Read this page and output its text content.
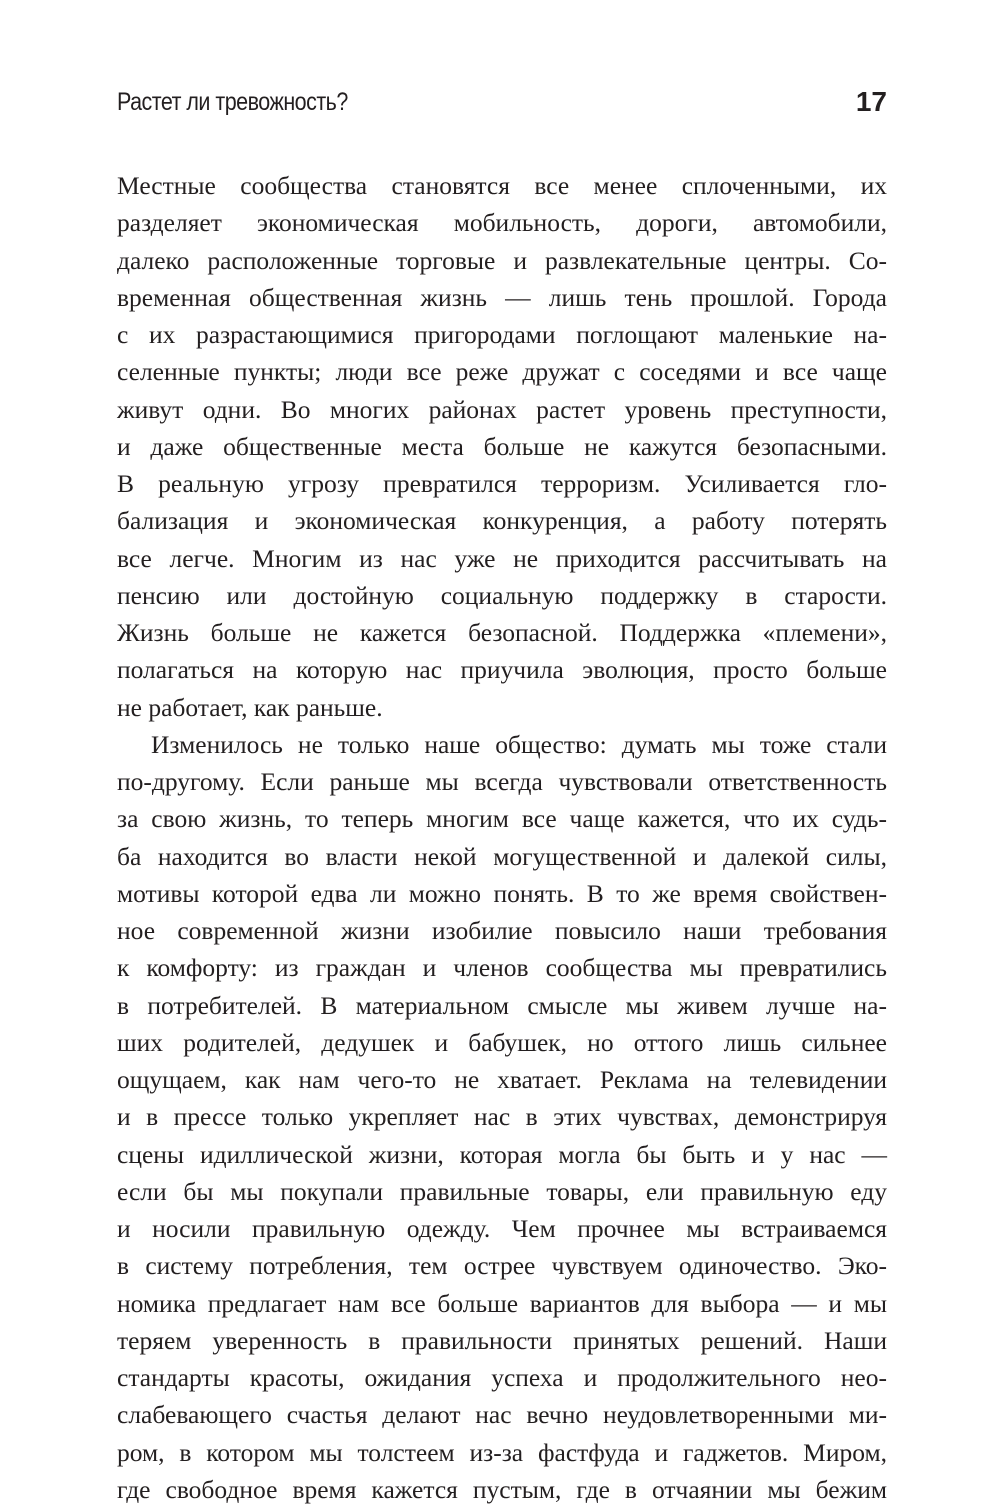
Растет ли тревожность?	17
Местные сообщества становятся все менее сплоченными, их
разделяет экономическая мобильность, дороги, автомобили,
далеко расположенные торговые и развлекательные центры. Со-
временная общественная жизнь — лишь тень прошлой. Города
с их разрастающимися пригородами поглощают маленькие на-
селенные пункты; люди все реже дружат с соседями и все чаще
живут одни. Во многих районах растет уровень преступности,
и даже общественные места больше не кажутся безопасными.
В реальную угрозу превратился терроризм. Усиливается гло-
бализация и экономическая конкуренция, а работу потерять
все легче. Многим из нас уже не приходится рассчитывать на
пенсию или достойную социальную поддержку в старости.
Жизнь больше не кажется безопасной. Поддержка «племени»,
полагаться на которую нас приучила эволюция, просто больше
не работает, как раньше.
Изменилось не только наше общество: думать мы тоже стали
по-другому. Если раньше мы всегда чувствовали ответственность
за свою жизнь, то теперь многим все чаще кажется, что их судь-
ба находится во власти некой могущественной и далекой силы,
мотивы которой едва ли можно понять. В то же время свойствен-
ное современной жизни изобилие повысило наши требования
к комфорту: из граждан и членов сообщества мы превратились
в потребителей. В материальном смысле мы живем лучше на-
ших родителей, дедушек и бабушек, но оттого лишь сильнее
ощущаем, как нам чего-то не хватает. Реклама на телевидении
и в прессе только укрепляет нас в этих чувствах, демонстрируя
сцены идиллической жизни, которая могла бы быть и у нас —
если бы мы покупали правильные товары, ели правильную еду
и носили правильную одежду. Чем прочнее мы встраиваемся
в систему потребления, тем острее чувствуем одиночество. Эко-
номика предлагает нам все больше вариантов для выбора — и мы
теряем уверенность в правильности принятых решений. Наши
стандарты красоты, ожидания успеха и продолжительного нео-
слабевающего счастья делают нас вечно неудовлетворенными ми-
ром, в котором мы толстеем из-за фастфуда и гаджетов. Миром,
где свободное время кажется пустым, где в отчаянии мы бежим
